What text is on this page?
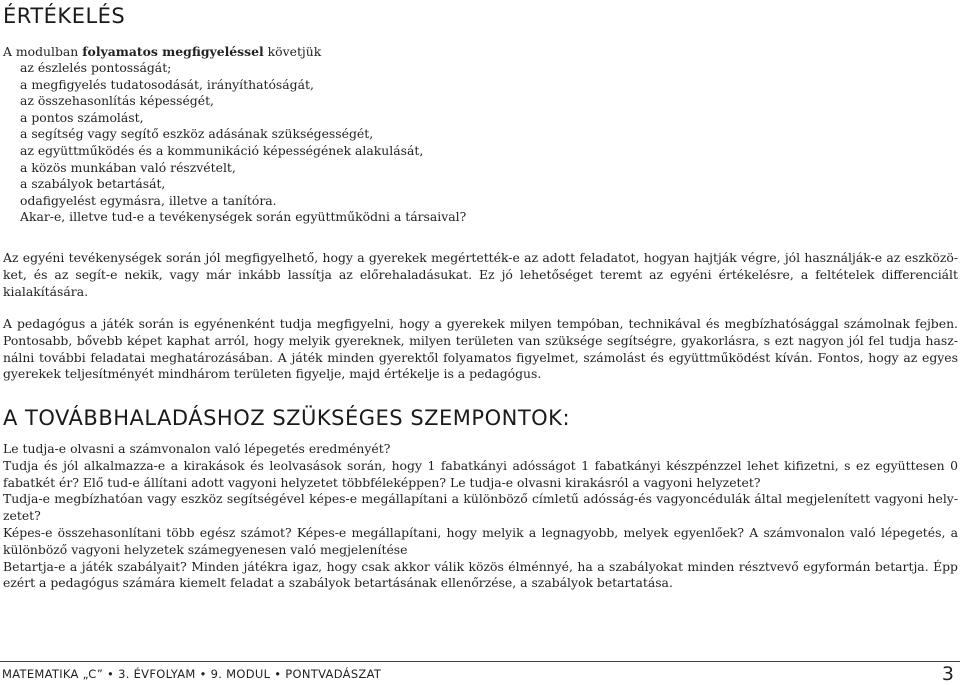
ÉRTÉKELÉS
A modulban folyamatos megfigyeléssel követjük
az észlelés pontosságát;
a megfigyelés tudatosodását, irányíthatóságát,
az összehasonlítás képességét,
a pontos számolást,
a segítség vagy segítő eszköz adásának szükségességét,
az együttműködés és a kommunikáció képességének alakulását,
a közös munkában való részvételt,
a szabályok betartását,
odafigyelést egymásra, illetve a tanítóra.
Akar-e, illetve tud-e a tevékenységek során együttműködni a társaival?

Az egyéni tevékenységek során jól megfigyelhető, hogy a gyerekek megértették-e az adott feladatot, hogyan hajtják végre, jól használják-e az eszközöket, és az segít-e nekik, vagy már inkább lassítja az előrehaladásukat. Ez jó lehetőséget teremt az egyéni értékelésre, a feltételek differenciált kialakítására.

A pedagógus a játék során is egyénenként tudja megfigyelni, hogy a gyerekek milyen tempóban, technikával és megbízhatósággal számolnak fejben. Pontosabb, bővebb képet kaphat arról, hogy melyik gyereknek, milyen területen van szüksége segítségre, gyakorlásra, s ezt nagyon jól fel tudja használni további feladatai meghatározásában. A játék minden gyerektől folyamatos figyelmet, számolást és együttműködést kíván. Fontos, hogy az egyes gyerekek teljesítményét mindhárom területen figyelje, majd értékelje is a pedagógus.

A TOVÁBBHALADÁSHOZ SZÜKSÉGES SZEMPONTOK:

Le tudja-e olvasni a számvonalon való lépegetés eredményét?

Tudja és jól alkalmazza-e a kirakások és leolvasások során, hogy 1 fabatkányi adósságot 1 fabatkányi készpénzzel lehet kifizetni, s ez együttesen 0 fabatkét ér? Elő tud-e állítani adott vagyoni helyzetet többféleképpen? Le tudja-e olvasni kirakásról a vagyoni helyzetet?

Tudja-e megbízhatóan vagy eszköz segítségével képes-e megállapítani a különböző címletű adósság-és vagyoncédulák által megjelenített vagyoni helyzetet?

Képes-e összehasonlítani több egész számot? Képes-e megállapítani, hogy melyik a legnagyobb, melyek egyenlőek? A számvonalon való lépegetés, a különböző vagyoni helyzetek számegyenesen való megjelenítése

Betartja-e a játék szabályait? Minden játékra igaz, hogy csak akkor válik közös élménnyé, ha a szabályokat minden résztvevő egyformán betartja. Épp ezért a pedagógus számára kiemelt feladat a szabályok betartásának ellenőrzése, a szabályok betartatása.

MATEMATIKA „C” • 3. ÉVFOLYAM • 9. MODUL • PONTVADÁSZAT	3
